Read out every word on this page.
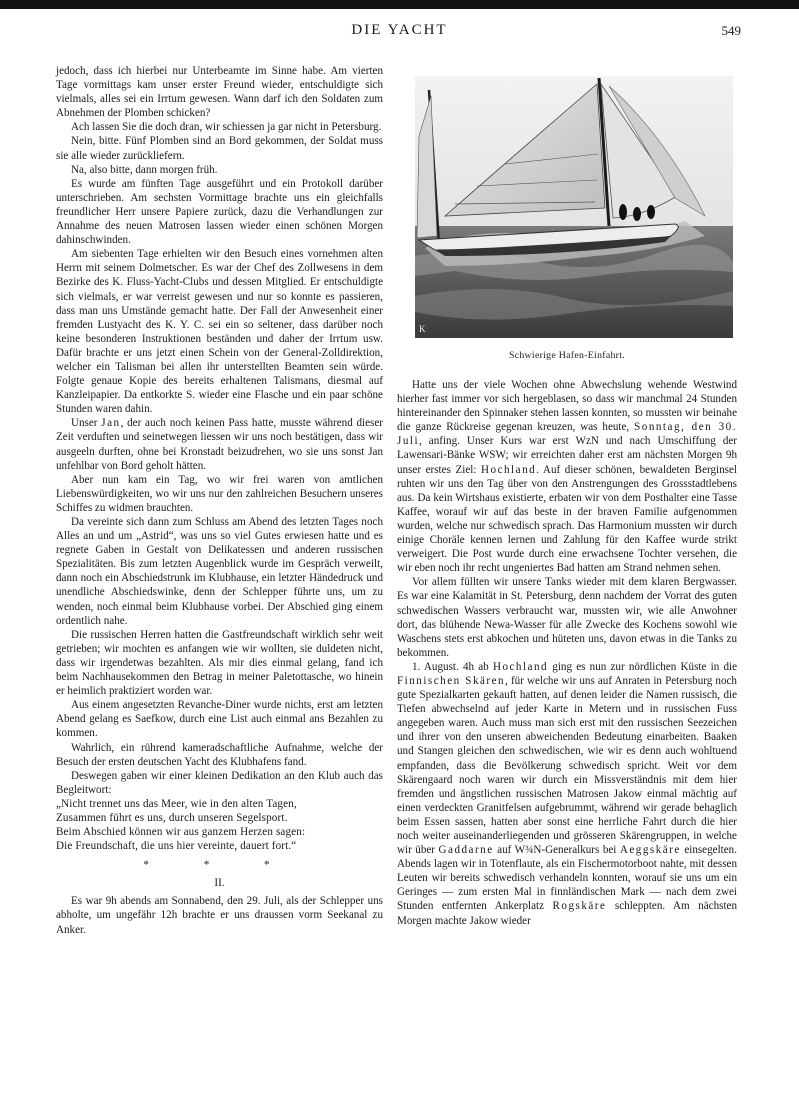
DIE YACHT	549

jedoch, dass ich hierbei nur Unterbeamte im Sinne habe. Am vierten Tage vormittags kam unser erster Freund wieder, entschuldigte sich vielmals, alles sei ein Irrtum gewesen. Wann darf ich den Soldaten zum Abnehmen der Plomben schicken?

Ach lassen Sie die doch dran, wir schiessen ja gar nicht in Petersburg.

Nein, bitte. Fünf Plomben sind an Bord gekommen, der Soldat muss sie alle wieder zurückliefern.

Na, also bitte, dann morgen früh.

Es wurde am fünften Tage ausgeführt und ein Protokoll darüber unterschrieben. Am sechsten Vormittage brachte uns ein gleichfalls freundlicher Herr unsere Papiere zurück, dazu die Verhandlungen zur Annahme des neuen Matrosen lassen wieder einen schönen Morgen dahinschwinden.

Am siebenten Tage erhielten wir den Besuch eines vornehmen alten Herrn mit seinem Dolmetscher. Es war der Chef des Zollwesens in dem Bezirke des K. Fluss-Yacht-Clubs und dessen Mitglied. Er entschuldigte sich vielmals, er war verreist gewesen und nur so konnte es passieren, dass man uns Umstände gemacht hatte. Der Fall der Anwesenheit einer fremden Lustyacht des K. Y. C. sei ein so seltener, dass darüber noch keine besonderen Instruktionen beständen und daher der Irrtum usw. Dafür brachte er uns jetzt einen Schein von der General-Zolldirektion, welcher ein Talisman bei allen ihr unterstellten Beamten sein würde. Folgte genaue Kopie des bereits erhaltenen Talismans, diesmal auf Kanzleipapier. Da entkorkte S. wieder eine Flasche und ein paar schöne Stunden waren dahin.

Unser Jan, der auch noch keinen Pass hatte, musste während dieser Zeit verduften und seinetwegen liessen wir uns noch bestätigen, dass wir ausgeeln durften, ohne bei Kronstadt beizudrehen, wo sie uns sonst Jan unfehlbar von Bord geholt hätten.

Aber nun kam ein Tag, wo wir frei waren von amtlichen Liebenswürdigkeiten, wo wir uns nur den zahlreichen Besuchern unseres Schiffes zu widmen brauchten.

Da vereinte sich dann zum Schluss am Abend des letzten Tages noch Alles an und um „Astrid“, was uns so viel Gutes erwiesen hatte und es regnete Gaben in Gestalt von Delikatessen und anderen russischen Spezialitäten. Bis zum letzten Augenblick wurde im Gespräch verweilt, dann noch ein Abschiedstrunk im Klubhause, ein letzter Händedruck und unendliche Abschiedswinke, denn der Schlepper führte uns, um zu wenden, noch einmal beim Klubhause vorbei. Der Abschied ging einem ordentlich nahe.

Die russischen Herren hatten die Gastfreundschaft wirklich sehr weit getrieben; wir mochten es anfangen wie wir wollten, sie duldeten nicht, dass wir irgendetwas bezahlten. Als mir dies einmal gelang, fand ich beim Nachhausekommen den Betrag in meiner Paletottasche, wo hinein er heimlich praktiziert worden war.

Aus einem angesetzten Revanche-Diner wurde nichts, erst am letzten Abend gelang es Saefkow, durch eine List auch einmal ans Bezahlen zu kommen.

Wahrlich, ein rührend kameradschaftliche Aufnahme, welche der Besuch der ersten deutschen Yacht des Klubhafens fand.

Deswegen gaben wir einer kleinen Dedikation an den Klub auch das Begleitwort:

„Nicht trennet uns das Meer, wie in den alten Tagen,
Zusammen führt es uns, durch unseren Segelsport.
Beim Abschied können wir aus ganzem Herzen sagen:
Die Freundschaft, die uns hier vereinte, dauert fort.“
* * *
II.

Es war 9h abends am Sonnabend, den 29. Juli, als der Schlepper uns abholte, um ungefähr 12h brachte er uns draussen vorm Seekanal zu Anker.

K
Schwierige Hafen-Einfahrt.

Hatte uns der viele Wochen ohne Abwechslung wehende Westwind hierher fast immer vor sich hergeblasen, so dass wir manchmal 24 Stunden hintereinander den Spinnaker stehen lassen konnten, so mussten wir beinahe die ganze Rückreise gegenan kreuzen, was heute, Sonntag, den 30. Juli, anfing. Unser Kurs war erst WzN und nach Umschiffung der Lawensari-Bänke WSW; wir erreichten daher erst am nächsten Morgen 9h unser erstes Ziel: Hochland. Auf dieser schönen, bewaldeten Berginsel ruhten wir uns den Tag über von den Anstrengungen des Grossstadtlebens aus. Da kein Wirtshaus existierte, erbaten wir von dem Posthalter eine Tasse Kaffee, worauf wir auf das beste in der braven Familie aufgenommen wurden, welche nur schwedisch sprach. Das Harmonium mussten wir durch einige Choräle kennen lernen und Zahlung für den Kaffee wurde strikt verweigert. Die Post wurde durch eine erwachsene Tochter versehen, die wir eben noch ihr recht ungeniertes Bad hatten am Strand nehmen sehen.

Vor allem füllten wir unsere Tanks wieder mit dem klaren Bergwasser. Es war eine Kalamität in St. Petersburg, denn nachdem der Vorrat des guten schwedischen Wassers verbraucht war, mussten wir, wie alle Anwohner dort, das blühende Newa-Wasser für alle Zwecke des Kochens sowohl wie Waschens stets erst abkochen und hüteten uns, davon etwas in die Tanks zu bekommen.

1. August. 4h ab Hochland ging es nun zur nördlichen Küste in die Finnischen Skären, für welche wir uns auf Anraten in Petersburg noch gute Spezialkarten gekauft hatten, auf denen leider die Namen russisch, die Tiefen abwechselnd auf jeder Karte in Metern und in russischen Fuss angegeben waren. Auch muss man sich erst mit den russischen Seezeichen und ihrer von den unseren abweichenden Bedeutung einarbeiten. Baaken und Stangen gleichen den schwedischen, wie wir es denn auch wohltuend empfanden, dass die Bevölkerung schwedisch spricht. Weit vor dem Skärengaard noch waren wir durch ein Missverständnis mit dem hier fremden und ängstlichen russischen Matrosen Jakow einmal mächtig auf einen verdeckten Granitfelsen aufgebrummt, während wir gerade behaglich beim Essen sassen, hatten aber sonst eine herrliche Fahrt durch die hier noch weiter auseinanderliegenden und grösseren Skärengruppen, in welche wir über Gaddarne auf W¾N-Generalkurs bei Aeggskäre einsegelten. Abends lagen wir in Totenflaute, als ein Fischermotorboot nahte, mit dessen Leuten wir bereits schwedisch verhandeln konnten, worauf sie uns um ein Geringes — zum ersten Mal in finnländischen Mark — nach dem zwei Stunden entfernten Ankerplatz Rogskäre schleppten. Am nächsten Morgen machte Jakow wieder
